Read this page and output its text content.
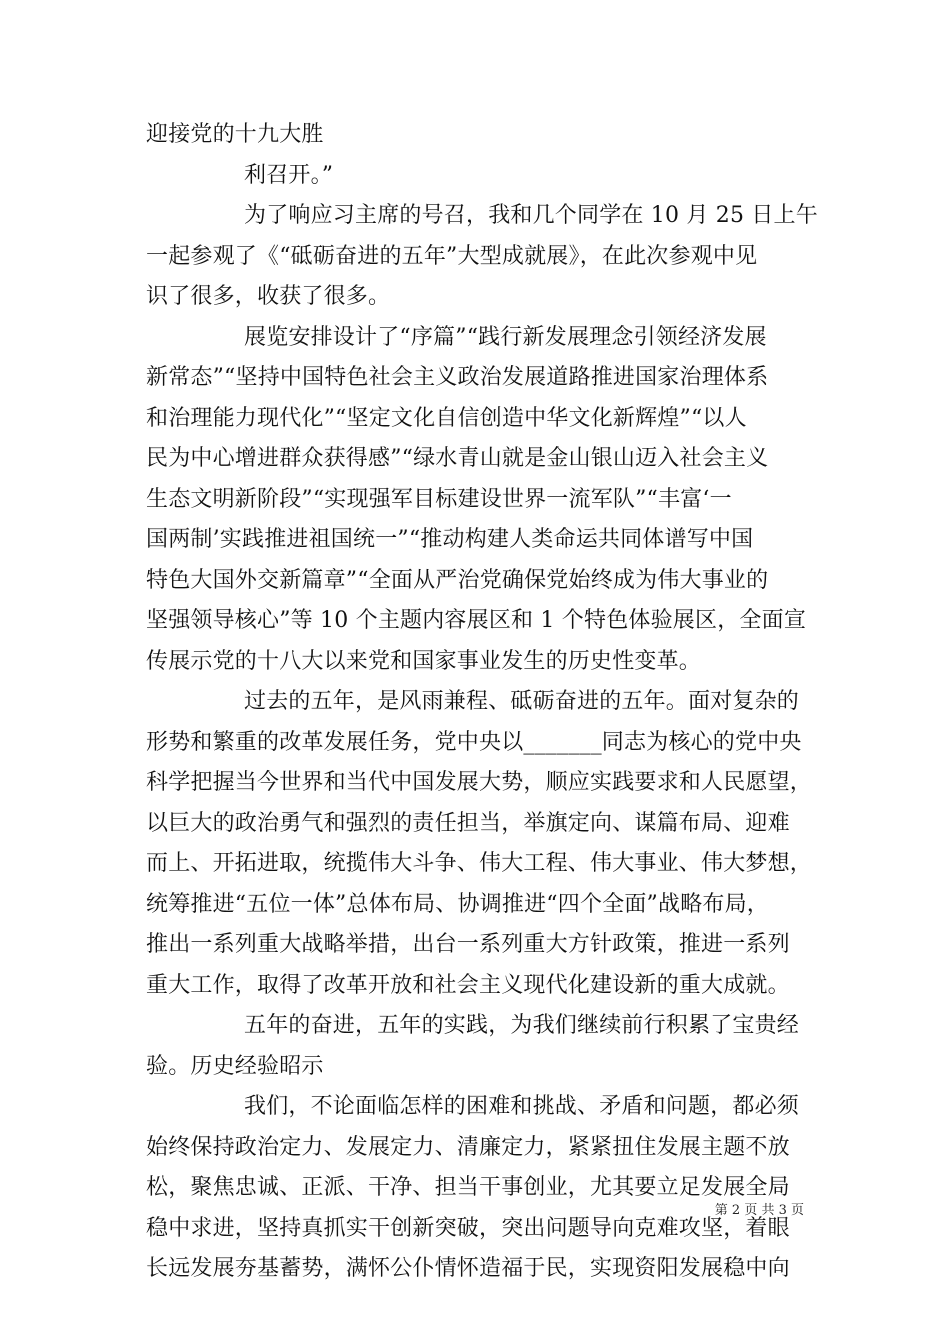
迎接党的十九大胜
利召开。”
为了响应习主席的号召，我和几个同学在 10 月 25 日上午
一起参观了《“砥砺奋进的五年”大型成就展》，在此次参观中见
识了很多，收获了很多。
展览安排设计了“序篇”“践行新发展理念引领经济发展
新常态”“坚持中国特色社会主义政治发展道路推进国家治理体系
和治理能力现代化”“坚定文化自信创造中华文化新辉煌”“以人
民为中心增进群众获得感”“绿水青山就是金山银山迈入社会主义
生态文明新阶段”“实现强军目标建设世界一流军队”“丰富‘一
国两制’实践推进祖国统一”“推动构建人类命运共同体谱写中国
特色大国外交新篇章”“全面从严治党确保党始终成为伟大事业的
坚强领导核心”等 10 个主题内容展区和 1 个特色体验展区，全面宣
传展示党的十八大以来党和国家事业发生的历史性变革。
过去的五年，是风雨兼程、砥砺奋进的五年。面对复杂的
形势和繁重的改革发展任务，党中央以_______同志为核心的党中央
科学把握当今世界和当代中国发展大势，顺应实践要求和人民愿望，
以巨大的政治勇气和强烈的责任担当，举旗定向、谋篇布局、迎难
而上、开拓进取，统揽伟大斗争、伟大工程、伟大事业、伟大梦想，
统筹推进“五位一体”总体布局、协调推进“四个全面”战略布局，
推出一系列重大战略举措，出台一系列重大方针政策，推进一系列
重大工作，取得了改革开放和社会主义现代化建设新的重大成就。
五年的奋进，五年的实践，为我们继续前行积累了宝贵经
验。历史经验昭示
我们，不论面临怎样的困难和挑战、矛盾和问题，都必须
始终保持政治定力、发展定力、清廉定力，紧紧扭住发展主题不放
松，聚焦忠诚、正派、干净、担当干事创业，尤其要立足发展全局
稳中求进，坚持真抓实干创新突破，突出问题导向克难攻坚，着眼
长远发展夯基蓄势，满怀公仆情怀造福于民，实现资阳发展稳中向
第 2 页 共 3 页
